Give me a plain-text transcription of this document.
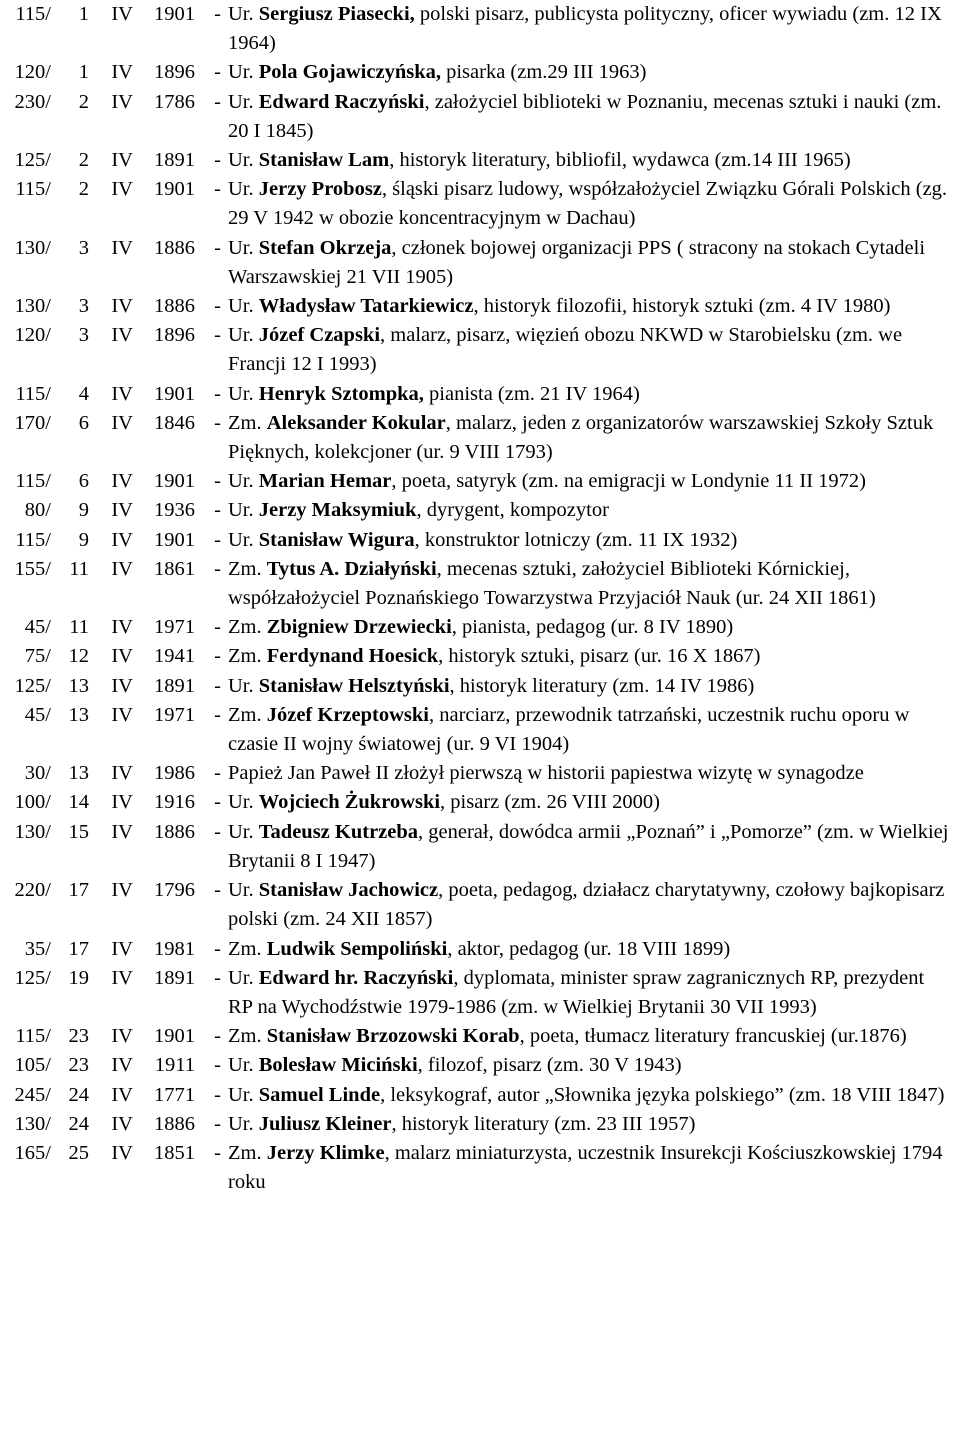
115/	1	IV	1901 - Ur. Sergiusz Piasecki, polski pisarz, publicysta polityczny, oficer wywiadu (zm. 12 IX 1964)
120/	1	IV	1896 - Ur. Pola Gojawiczyńska, pisarka (zm.29 III 1963)
230/	2	IV	1786 - Ur. Edward Raczyński, założyciel biblioteki w Poznaniu, mecenas sztuki i nauki (zm. 20 I 1845)
125/	2	IV	1891 - Ur. Stanisław Lam, historyk literatury, bibliofil, wydawca (zm.14 III 1965)
115/	2	IV	1901 - Ur. Jerzy Probosz, śląski pisarz ludowy, współzałożyciel Związku Górali Polskich (zg. 29 V 1942 w obozie koncentracyjnym w Dachau)
130/	3	IV	1886 - Ur. Stefan Okrzeja, członek bojowej organizacji PPS ( stracony na stokach Cytadeli Warszawskiej 21 VII 1905)
130/	3	IV	1886 - Ur. Władysław Tatarkiewicz, historyk filozofii, historyk sztuki (zm. 4 IV 1980)
120/	3	IV	1896 - Ur. Józef Czapski, malarz, pisarz, więzień obozu NKWD w Starobielsku (zm. we Francji 12 I 1993)
115/	4	IV	1901 - Ur. Henryk Sztompka, pianista (zm. 21 IV 1964)
170/	6	IV	1846 - Zm. Aleksander Kokular, malarz, jeden z organizatorów warszawskiej Szkoły Sztuk Pięknych, kolekcjoner (ur. 9 VIII 1793)
115/	6	IV	1901 - Ur. Marian Hemar, poeta, satyryk (zm. na emigracji w Londynie 11 II 1972)
80/	9	IV	1936 - Ur. Jerzy Maksymiuk, dyrygent, kompozytor
115/	9	IV	1901 - Ur. Stanisław Wigura, konstruktor lotniczy (zm. 11 IX 1932)
155/ 11	IV	1861 - Zm. Tytus A. Działyński, mecenas sztuki, założyciel Biblioteki Kórnickiej, współzałożyciel Poznańskiego Towarzystwa Przyjaciół Nauk (ur. 24 XII 1861)
45/ 11	IV	1971 - Zm. Zbigniew Drzewiecki, pianista, pedagog (ur. 8 IV 1890)
75/ 12	IV	1941 - Zm. Ferdynand Hoesick, historyk sztuki, pisarz (ur. 16 X 1867)
125/ 13	IV	1891 - Ur. Stanisław Helsztyński, historyk literatury (zm. 14 IV 1986)
45/ 13	IV	1971 - Zm. Józef Krzeptowski, narciarz, przewodnik tatrzański, uczestnik ruchu oporu w czasie II wojny światowej (ur. 9 VI 1904)
30/ 13	IV	1986 - Papież Jan Paweł II złożył pierwszą w historii papiestwa wizytę w synagodze
100/ 14	IV	1916 - Ur. Wojciech Żukrowski, pisarz (zm. 26 VIII 2000)
130/ 15	IV	1886 - Ur. Tadeusz Kutrzeba, generał, dowódca armii „Poznań” i „Pomorze” (zm. w Wielkiej Brytanii 8 I 1947)
220/ 17	IV	1796 - Ur. Stanisław Jachowicz, poeta, pedagog, działacz charytatywny, czołowy bajkopisarz polski (zm. 24 XII 1857)
35/ 17	IV	1981 - Zm. Ludwik Sempoliński, aktor, pedagog (ur. 18 VIII 1899)
125/ 19	IV	1891 - Ur. Edward hr. Raczyński, dyplomata, minister spraw zagranicznych RP, prezydent RP na Wychodźstwie 1979-1986 (zm. w Wielkiej Brytanii 30 VII 1993)
115/ 23	IV	1901 - Zm. Stanisław Brzozowski Korab, poeta, tłumacz literatury francuskiej (ur.1876)
105/ 23	IV	1911 - Ur. Bolesław Miciński, filozof, pisarz (zm. 30 V 1943)
245/ 24	IV	1771 - Ur. Samuel Linde, leksykograf, autor „Słownika języka polskiego” (zm. 18 VIII 1847)
130/ 24	IV	1886 - Ur. Juliusz Kleiner, historyk literatury (zm. 23 III 1957)
165/ 25	IV	1851 - Zm. Jerzy Klimke, malarz miniaturzysta, uczestnik Insurekcji Kościuszkowskiej 1794 roku
